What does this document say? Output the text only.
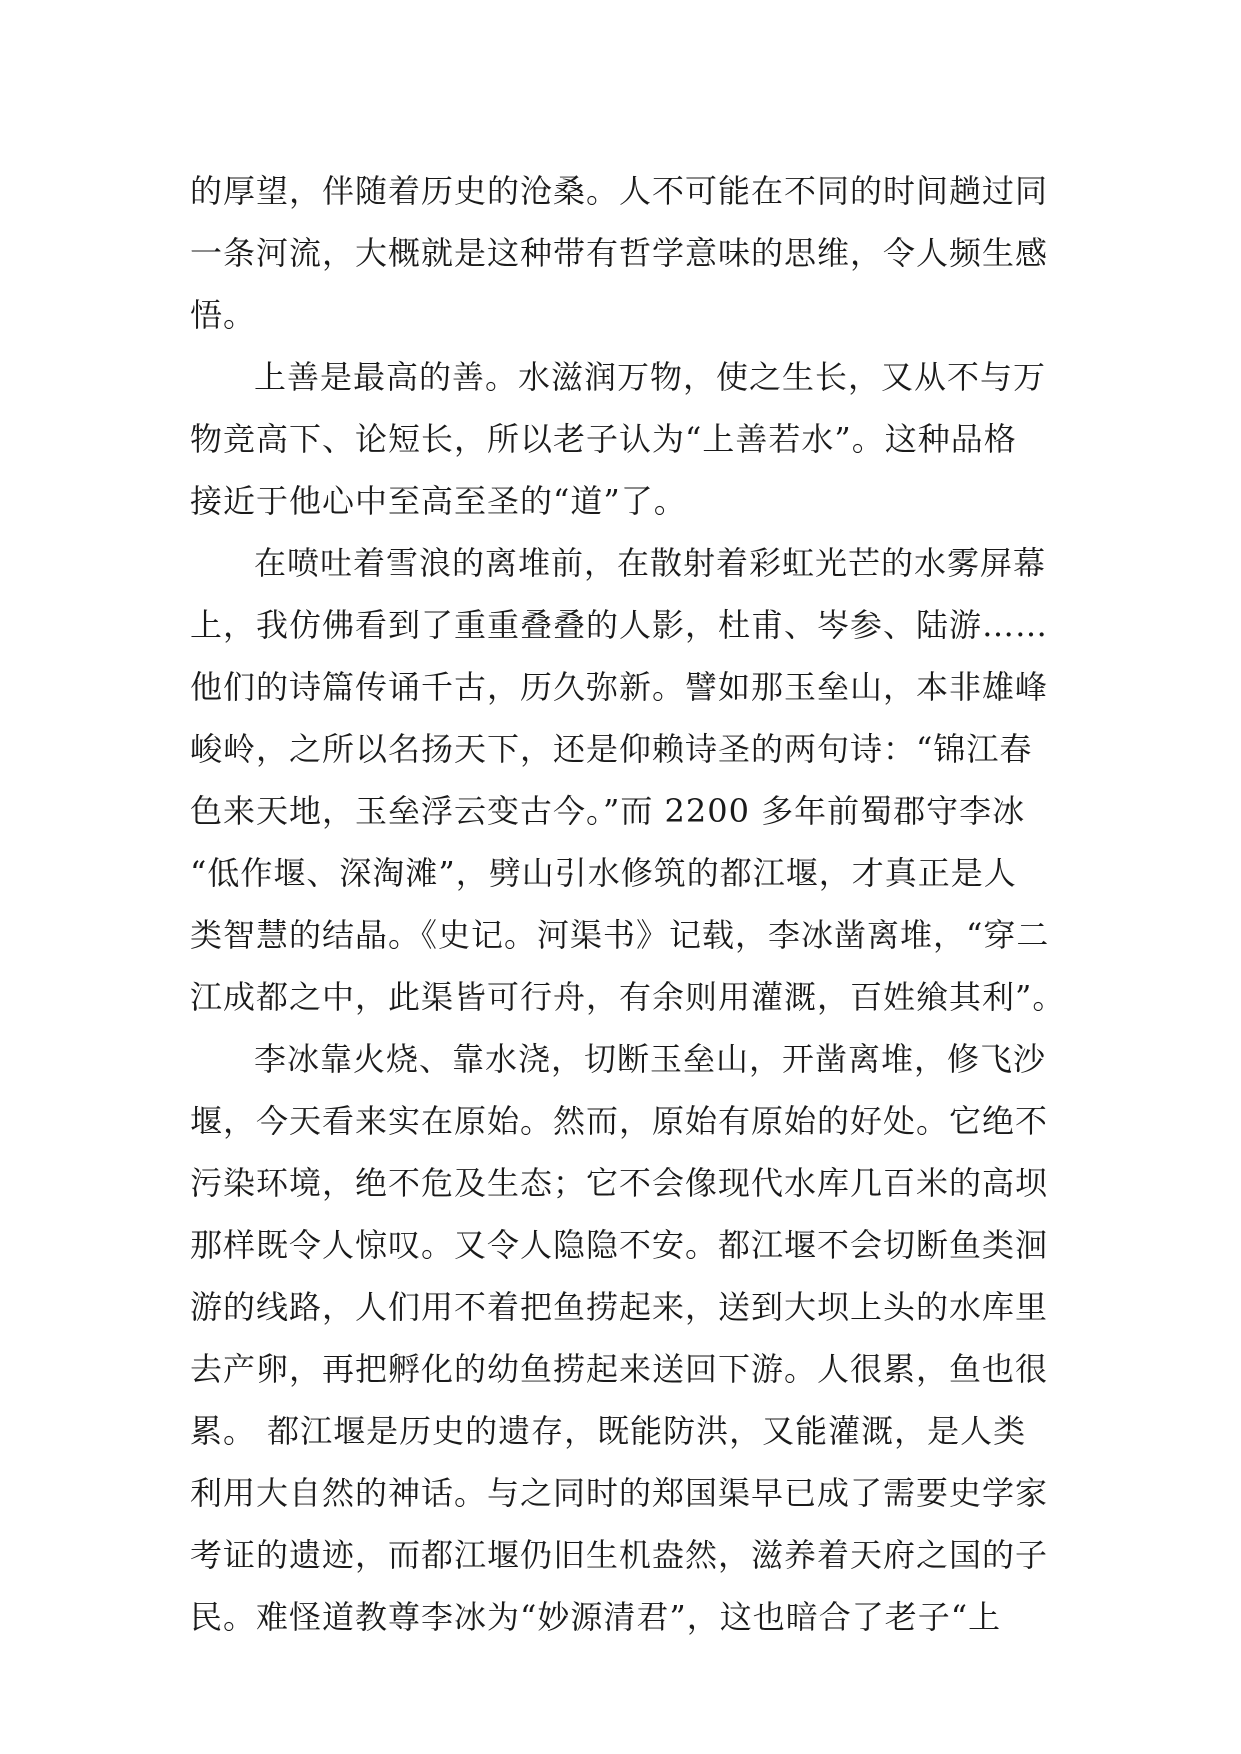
的厚望，伴随着历史的沧桑。人不可能在不同的时间趟过同
一条河流，大概就是这种带有哲学意味的思维，令人频生感
悟。
上善是最高的善。水滋润万物，使之生长，又从不与万
物竞高下、论短长，所以老子认为“上善若水”。这种品格
接近于他心中至高至圣的“道”了。
在喷吐着雪浪的离堆前，在散射着彩虹光芒的水雾屏幕
上，我仿佛看到了重重叠叠的人影，杜甫、岑参、陆游……
他们的诗篇传诵千古，历久弥新。譬如那玉垒山，本非雄峰
峻岭，之所以名扬天下，还是仰赖诗圣的两句诗：“锦江春
色来天地，玉垒浮云变古今。”而 2200 多年前蜀郡守李冰
“低作堰、深淘滩”，劈山引水修筑的都江堰，才真正是人
类智慧的结晶。《史记。河渠书》记载，李冰凿离堆，“穿二
江成都之中，此渠皆可行舟，有余则用灌溉，百姓飨其利”。
李冰靠火烧、靠水浇，切断玉垒山，开凿离堆，修飞沙
堰，今天看来实在原始。然而，原始有原始的好处。它绝不
污染环境，绝不危及生态；它不会像现代水库几百米的高坝
那样既令人惊叹。又令人隐隐不安。都江堰不会切断鱼类洄
游的线路，人们用不着把鱼捞起来，送到大坝上头的水库里
去产卵，再把孵化的幼鱼捞起来送回下游。人很累，鱼也很
累。 都江堰是历史的遗存，既能防洪，又能灌溉，是人类
利用大自然的神话。与之同时的郑国渠早已成了需要史学家
考证的遗迹，而都江堰仍旧生机盎然，滋养着天府之国的子
民。难怪道教尊李冰为“妙源清君”，这也暗合了老子“上
